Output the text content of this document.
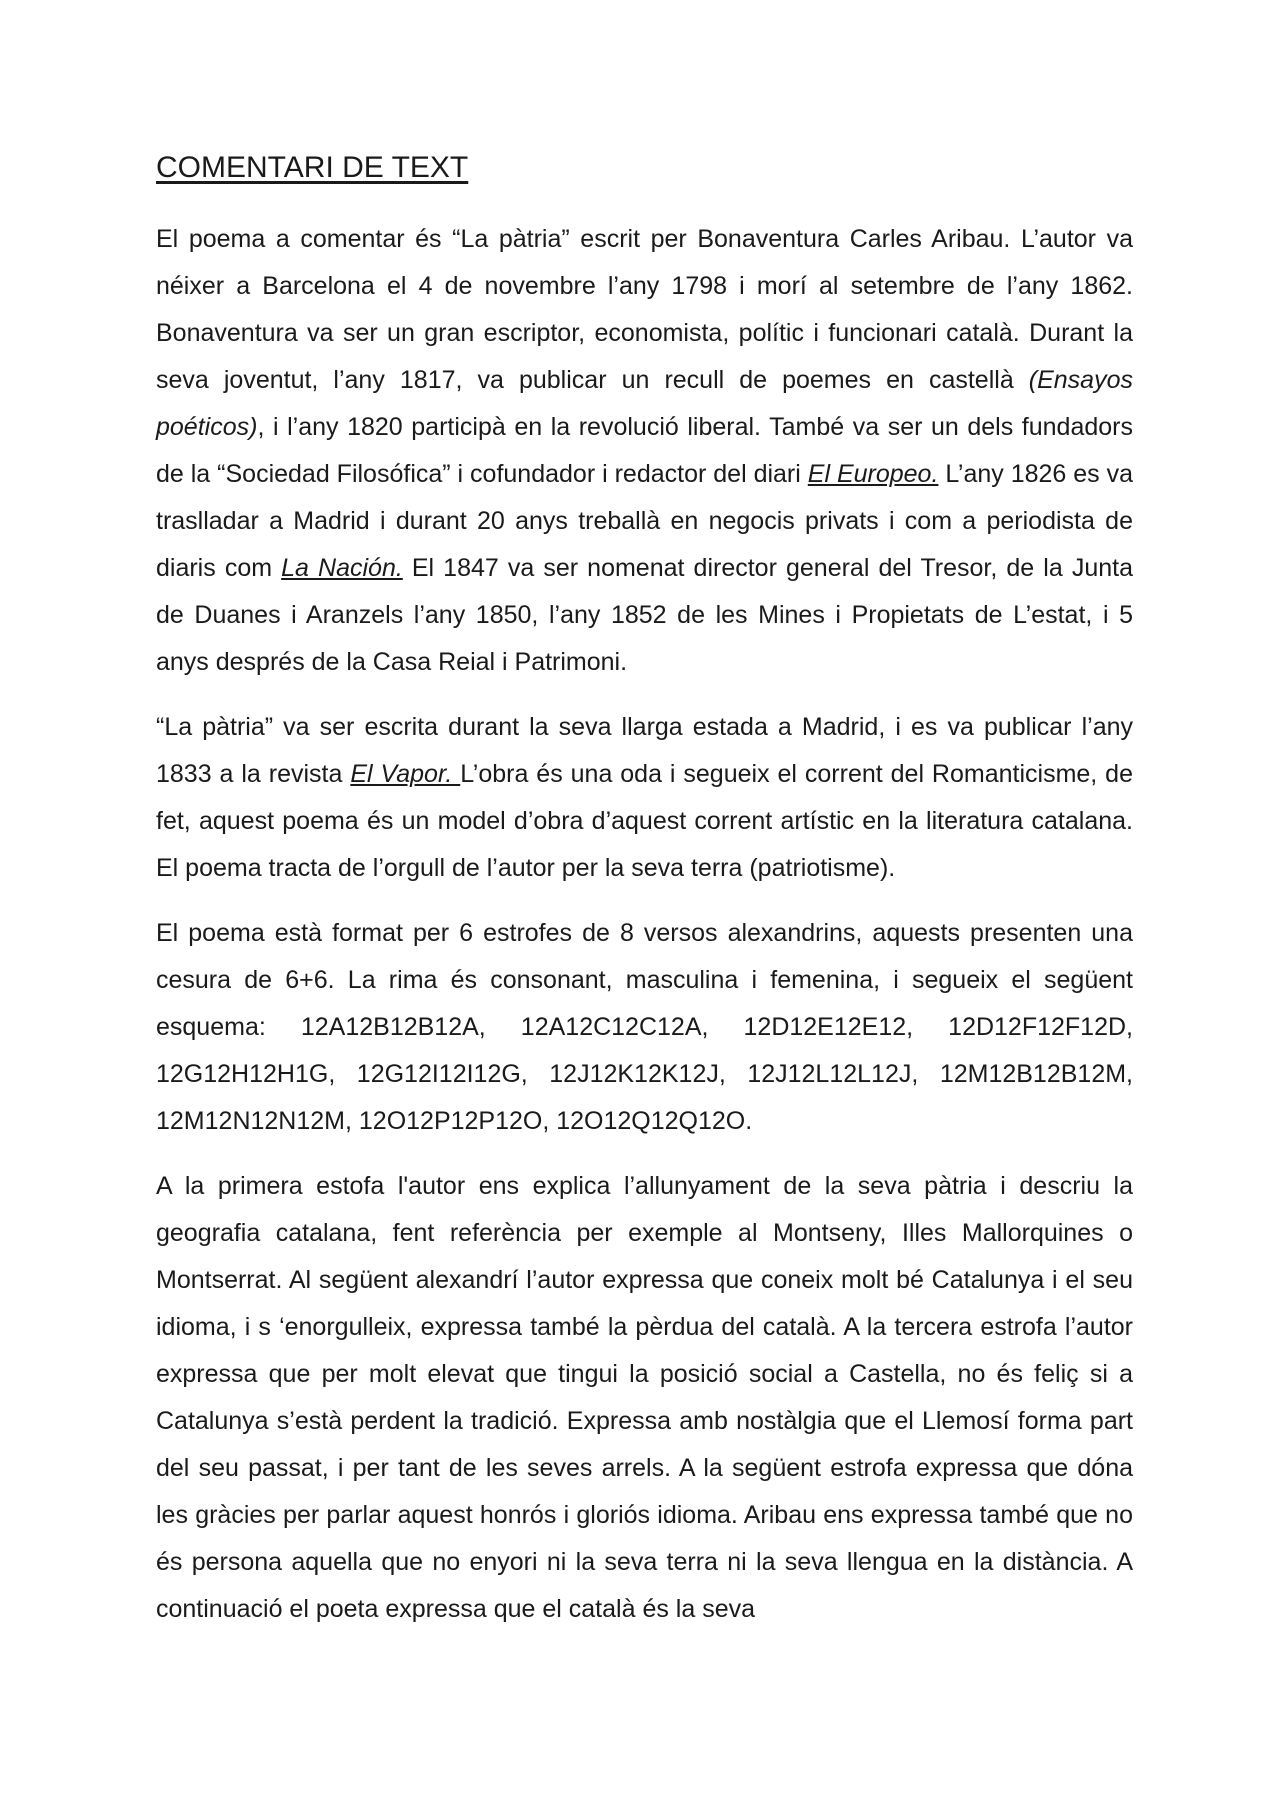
COMENTARI DE TEXT

El poema a comentar és “La pàtria” escrit per Bonaventura Carles Aribau. L’autor va néixer a Barcelona el 4 de novembre l’any 1798 i morí al setembre de l’any 1862. Bonaventura va ser un gran escriptor, economista, polític i funcionari català. Durant la seva joventut, l’any 1817, va publicar un recull de poemes en castellà (Ensayos poéticos), i l’any 1820 participà en la revolució liberal. També va ser un dels fundadors de la “Sociedad Filosófica” i cofundador i redactor del diari El Europeo. L’any 1826 es va traslladar a Madrid i durant 20 anys treballà en negocis privats i com a periodista de diaris com La Nación. El 1847 va ser nomenat director general del Tresor, de la Junta de Duanes i Aranzels l’any 1850, l’any 1852 de les Mines i Propietats de L’estat, i 5 anys després de la Casa Reial i Patrimoni.

“La pàtria” va ser escrita durant la seva llarga estada a Madrid, i es va publicar l’any 1833 a la revista El Vapor. L’obra és una oda i segueix el corrent del Romanticisme, de fet, aquest poema és un model d’obra d’aquest corrent artístic en la literatura catalana. El poema tracta de l’orgull de l’autor per la seva terra (patriotisme).

El poema està format per 6 estrofes de 8 versos alexandrins, aquests presenten una cesura de 6+6. La rima és consonant, masculina i femenina, i segueix el següent esquema: 12A12B12B12A, 12A12C12C12A, 12D12E12E12, 12D12F12F12D, 12G12H12H1G, 12G12I12I12G, 12J12K12K12J, 12J12L12L12J, 12M12B12B12M, 12M12N12N12M, 12O12P12P12O, 12O12Q12Q12O.

A la primera estofa l'autor ens explica l’allunyament de la seva pàtria i descriu la geografia catalana, fent referència per exemple al Montseny, Illes Mallorquines o Montserrat. Al següent alexandrí l’autor expressa que coneix molt bé Catalunya i el seu idioma, i s ‘enorgulleix, expressa també la pèrdua del català. A la tercera estrofa l’autor expressa que per molt elevat que tingui la posició social a Castella, no és feliç si a Catalunya s’està perdent la tradició. Expressa amb nostàlgia que el Llemosí forma part del seu passat, i per tant de les seves arrels. A la següent estrofa expressa que dóna les gràcies per parlar aquest honrós i gloriós idioma. Aribau ens expressa també que no és persona aquella que no enyori ni la seva terra ni la seva llengua en la distància. A continuació el poeta expressa que el català és la seva
